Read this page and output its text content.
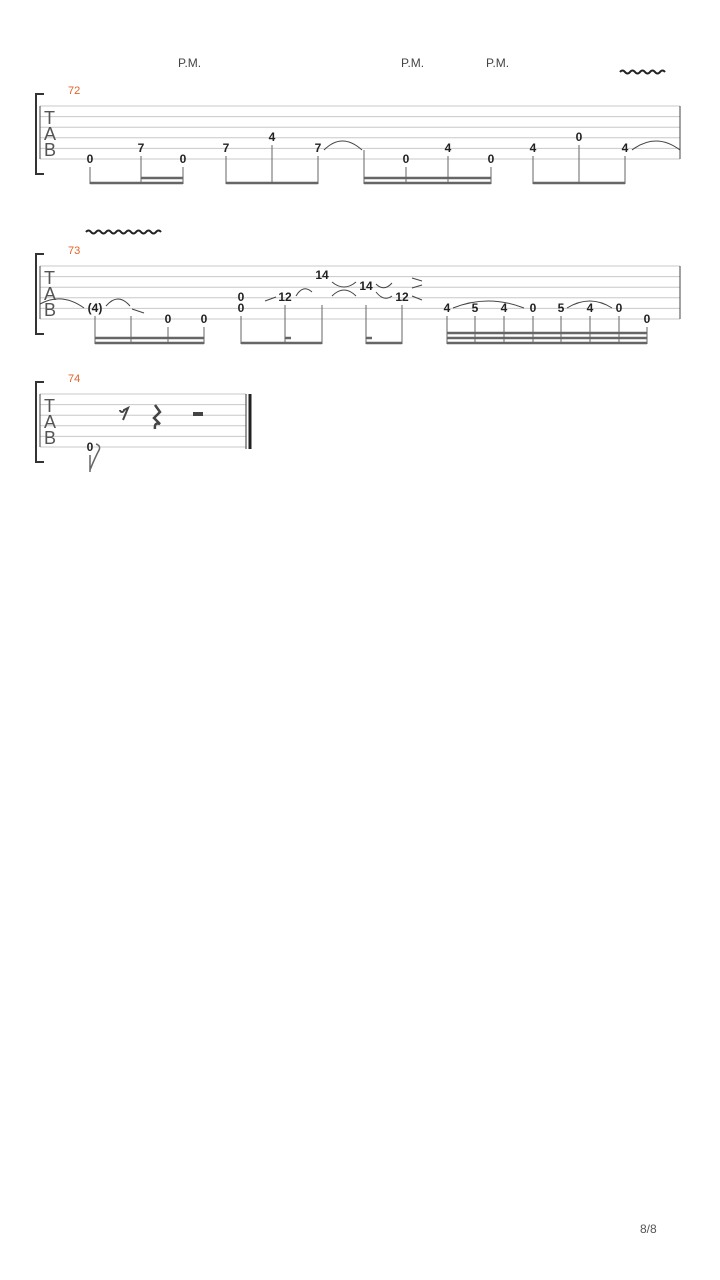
T
A
B
72
P.M.	P.M.	P.M.
0
7
0
7
4
7
0
4
0
4
0
4
T
A
B
73
(4)
0 0
0
0
12
14
14
12
4 5 4 0 5 4 0
0
T
A
B
74
0
8/8
